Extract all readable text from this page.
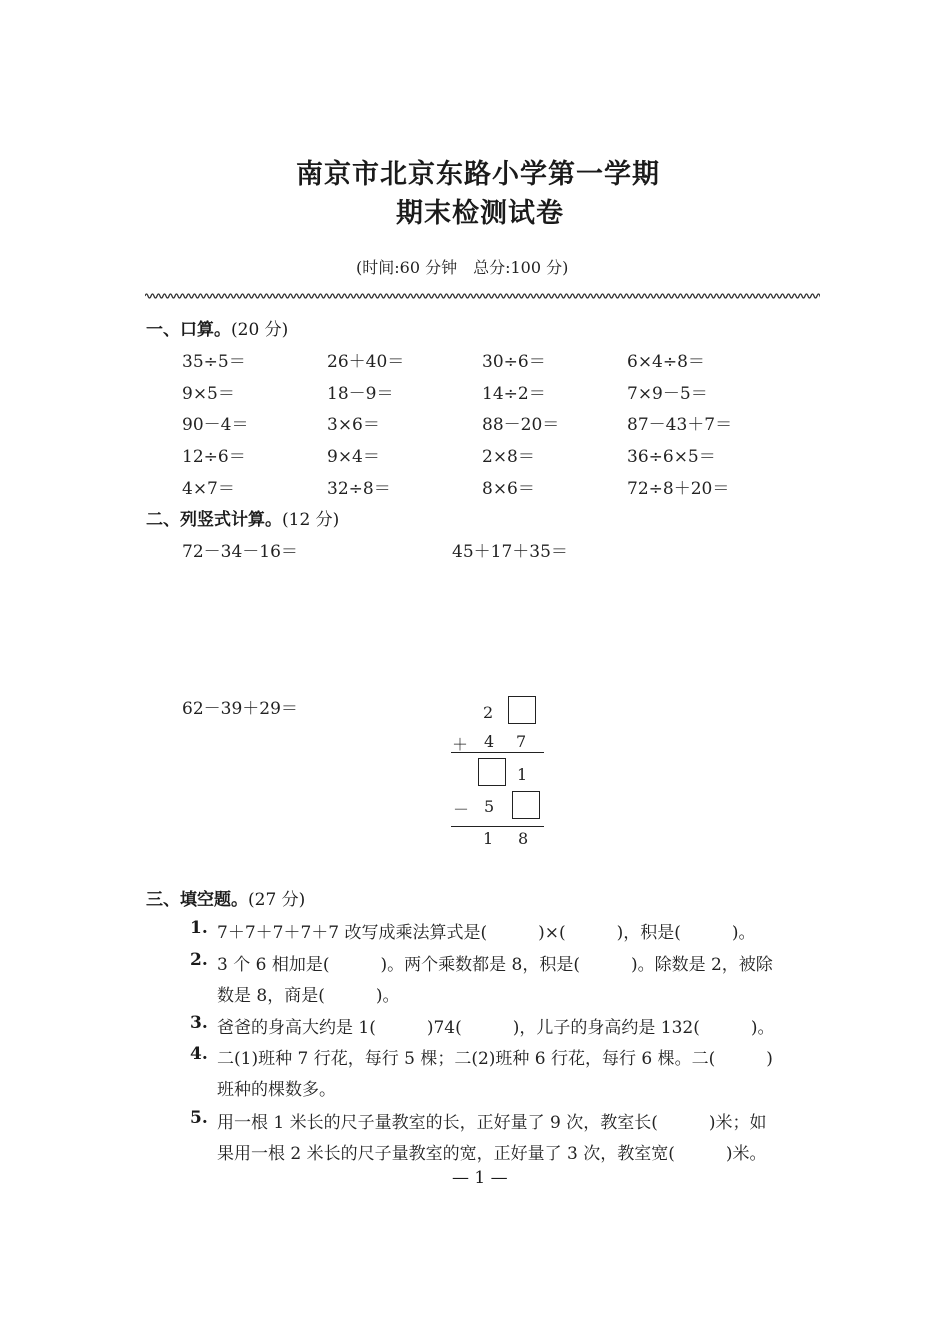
南京市北京东路小学第一学期
期末检测试卷
(时间:60 分钟　总分:100 分)
一、口算。(20 分)
35÷5＝	26＋40＝	30÷6＝	6×4÷8＝
9×5＝	18－9＝	14÷2＝	7×9－5＝
90－4＝	3×6＝	88－20＝	87－43＋7＝
12÷6＝	9×4＝	2×8＝	36÷6×5＝
4×7＝	32÷8＝	8×6＝	72÷8＋20＝
二、列竖式计算。(12 分)
72－34－16＝	45＋17＋35＝
62－39＋29＝	2
＋ 4 7
1
－ 5
1 8
三、填空题。(27 分)
1. 7＋7＋7＋7＋7 改写成乘法算式是(　　　)×(　　　)，积是(　　　)。
2. 3 个 6 相加是(　　　)。两个乘数都是 8，积是(　　　)。除数是 2，被除
数是 8，商是(　　　)。
3. 爸爸的身高大约是 1(　　　)74(　　　)，儿子的身高约是 132(　　　)。
4. 二(1)班种 7 行花，每行 5 棵；二(2)班种 6 行花，每行 6 棵。二(　　　)
班种的棵数多。
5. 用一根 1 米长的尺子量教室的长，正好量了 9 次，教室长(　　　)米；如
果用一根 2 米长的尺子量教室的宽，正好量了 3 次，教室宽(　　　)米。
— 1 —
